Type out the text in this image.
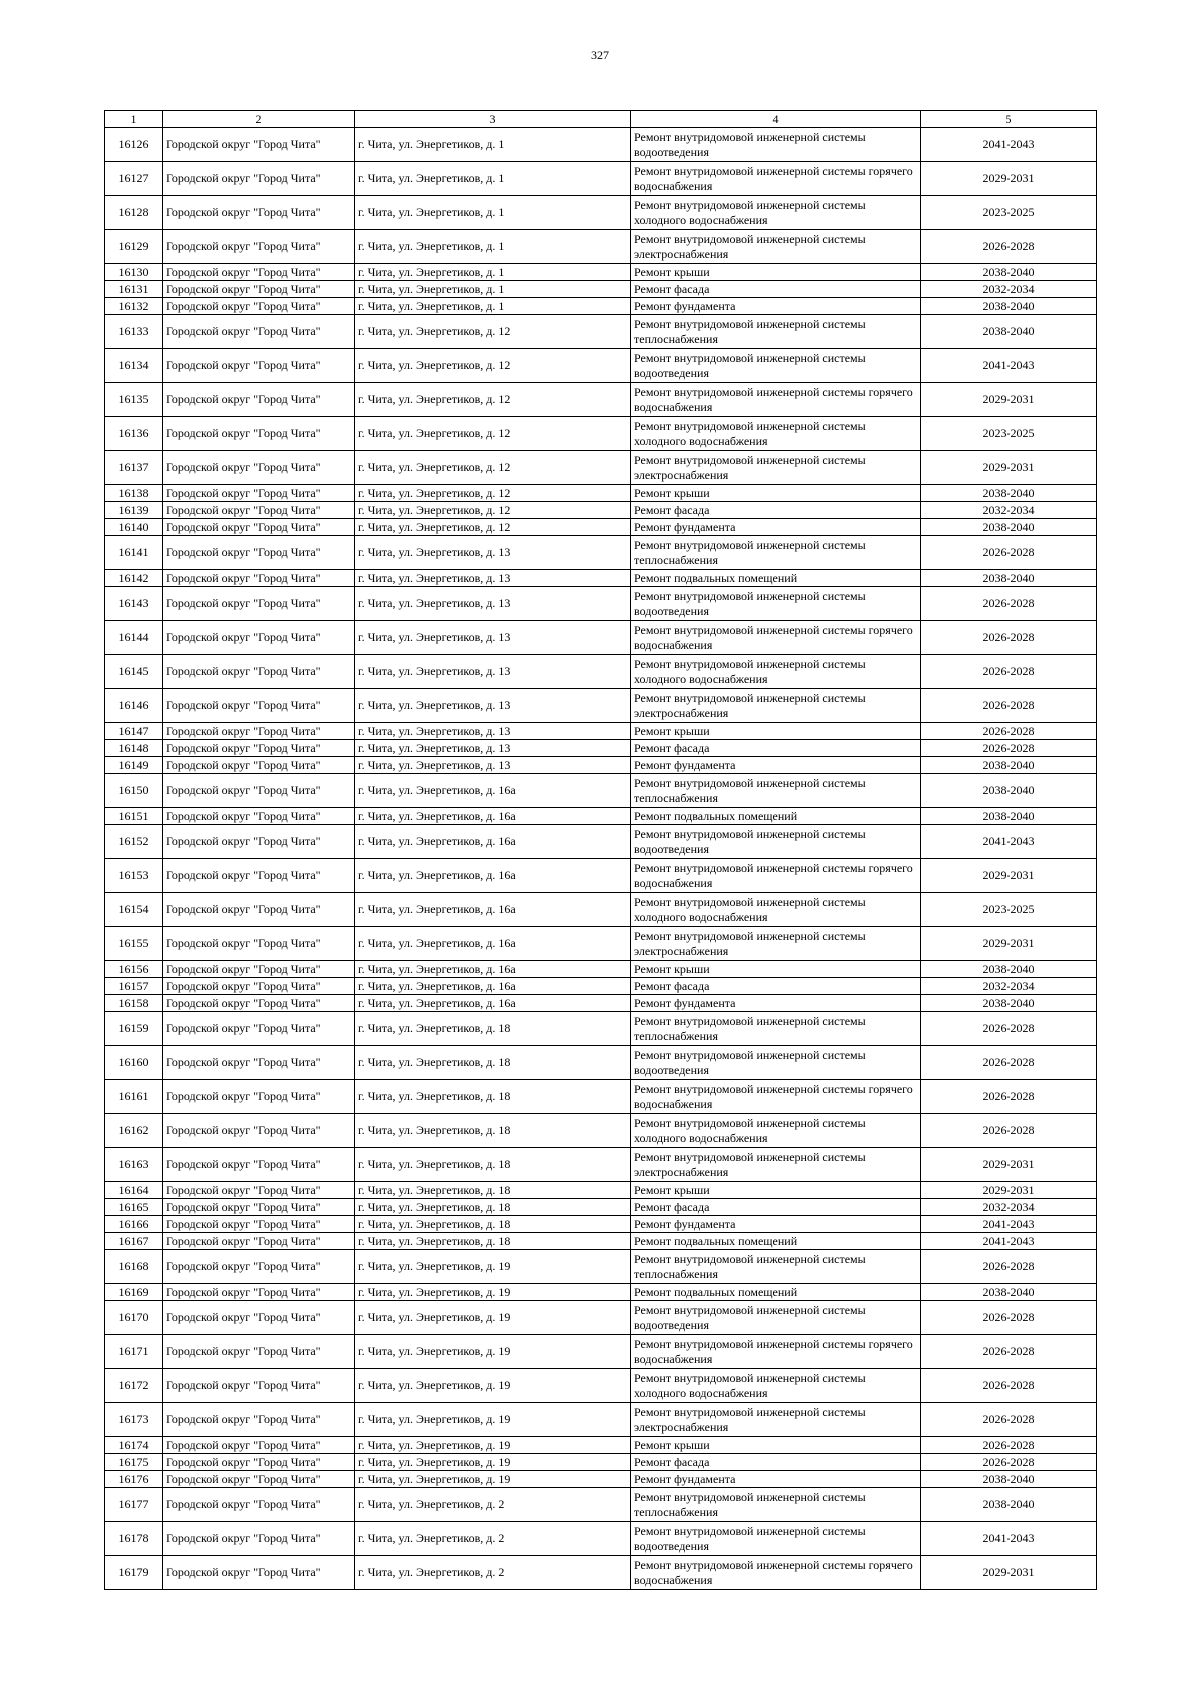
327
1	2	3	4	5
16126	Городской округ "Город Чита"	г. Чита, ул. Энергетиков, д. 1	Ремонт внутридомовой инженерной системы водоотведения	2041-2043
16127	Городской округ "Город Чита"	г. Чита, ул. Энергетиков, д. 1	Ремонт внутридомовой инженерной системы горячего водоснабжения	2029-2031
16128	Городской округ "Город Чита"	г. Чита, ул. Энергетиков, д. 1	Ремонт внутридомовой инженерной системы холодного водоснабжения	2023-2025
16129	Городской округ "Город Чита"	г. Чита, ул. Энергетиков, д. 1	Ремонт внутридомовой инженерной системы электроснабжения	2026-2028
16130	Городской округ "Город Чита"	г. Чита, ул. Энергетиков, д. 1	Ремонт крыши	2038-2040
16131	Городской округ "Город Чита"	г. Чита, ул. Энергетиков, д. 1	Ремонт фасада	2032-2034
16132	Городской округ "Город Чита"	г. Чита, ул. Энергетиков, д. 1	Ремонт фундамента	2038-2040
16133	Городской округ "Город Чита"	г. Чита, ул. Энергетиков, д. 12	Ремонт внутридомовой инженерной системы теплоснабжения	2038-2040
16134	Городской округ "Город Чита"	г. Чита, ул. Энергетиков, д. 12	Ремонт внутридомовой инженерной системы водоотведения	2041-2043
16135	Городской округ "Город Чита"	г. Чита, ул. Энергетиков, д. 12	Ремонт внутридомовой инженерной системы горячего водоснабжения	2029-2031
16136	Городской округ "Город Чита"	г. Чита, ул. Энергетиков, д. 12	Ремонт внутридомовой инженерной системы холодного водоснабжения	2023-2025
16137	Городской округ "Город Чита"	г. Чита, ул. Энергетиков, д. 12	Ремонт внутридомовой инженерной системы электроснабжения	2029-2031
16138	Городской округ "Город Чита"	г. Чита, ул. Энергетиков, д. 12	Ремонт крыши	2038-2040
16139	Городской округ "Город Чита"	г. Чита, ул. Энергетиков, д. 12	Ремонт фасада	2032-2034
16140	Городской округ "Город Чита"	г. Чита, ул. Энергетиков, д. 12	Ремонт фундамента	2038-2040
16141	Городской округ "Город Чита"	г. Чита, ул. Энергетиков, д. 13	Ремонт внутридомовой инженерной системы теплоснабжения	2026-2028
16142	Городской округ "Город Чита"	г. Чита, ул. Энергетиков, д. 13	Ремонт подвальных помещений	2038-2040
16143	Городской округ "Город Чита"	г. Чита, ул. Энергетиков, д. 13	Ремонт внутридомовой инженерной системы водоотведения	2026-2028
16144	Городской округ "Город Чита"	г. Чита, ул. Энергетиков, д. 13	Ремонт внутридомовой инженерной системы горячего водоснабжения	2026-2028
16145	Городской округ "Город Чита"	г. Чита, ул. Энергетиков, д. 13	Ремонт внутридомовой инженерной системы холодного водоснабжения	2026-2028
16146	Городской округ "Город Чита"	г. Чита, ул. Энергетиков, д. 13	Ремонт внутридомовой инженерной системы электроснабжения	2026-2028
16147	Городской округ "Город Чита"	г. Чита, ул. Энергетиков, д. 13	Ремонт крыши	2026-2028
16148	Городской округ "Город Чита"	г. Чита, ул. Энергетиков, д. 13	Ремонт фасада	2026-2028
16149	Городской округ "Город Чита"	г. Чита, ул. Энергетиков, д. 13	Ремонт фундамента	2038-2040
16150	Городской округ "Город Чита"	г. Чита, ул. Энергетиков, д. 16а	Ремонт внутридомовой инженерной системы теплоснабжения	2038-2040
16151	Городской округ "Город Чита"	г. Чита, ул. Энергетиков, д. 16а	Ремонт подвальных помещений	2038-2040
16152	Городской округ "Город Чита"	г. Чита, ул. Энергетиков, д. 16а	Ремонт внутридомовой инженерной системы водоотведения	2041-2043
16153	Городской округ "Город Чита"	г. Чита, ул. Энергетиков, д. 16а	Ремонт внутридомовой инженерной системы горячего водоснабжения	2029-2031
16154	Городской округ "Город Чита"	г. Чита, ул. Энергетиков, д. 16а	Ремонт внутридомовой инженерной системы холодного водоснабжения	2023-2025
16155	Городской округ "Город Чита"	г. Чита, ул. Энергетиков, д. 16а	Ремонт внутридомовой инженерной системы электроснабжения	2029-2031
16156	Городской округ "Город Чита"	г. Чита, ул. Энергетиков, д. 16а	Ремонт крыши	2038-2040
16157	Городской округ "Город Чита"	г. Чита, ул. Энергетиков, д. 16а	Ремонт фасада	2032-2034
16158	Городской округ "Город Чита"	г. Чита, ул. Энергетиков, д. 16а	Ремонт фундамента	2038-2040
16159	Городской округ "Город Чита"	г. Чита, ул. Энергетиков, д. 18	Ремонт внутридомовой инженерной системы теплоснабжения	2026-2028
16160	Городской округ "Город Чита"	г. Чита, ул. Энергетиков, д. 18	Ремонт внутридомовой инженерной системы водоотведения	2026-2028
16161	Городской округ "Город Чита"	г. Чита, ул. Энергетиков, д. 18	Ремонт внутридомовой инженерной системы горячего водоснабжения	2026-2028
16162	Городской округ "Город Чита"	г. Чита, ул. Энергетиков, д. 18	Ремонт внутридомовой инженерной системы холодного водоснабжения	2026-2028
16163	Городской округ "Город Чита"	г. Чита, ул. Энергетиков, д. 18	Ремонт внутридомовой инженерной системы электроснабжения	2029-2031
16164	Городской округ "Город Чита"	г. Чита, ул. Энергетиков, д. 18	Ремонт крыши	2029-2031
16165	Городской округ "Город Чита"	г. Чита, ул. Энергетиков, д. 18	Ремонт фасада	2032-2034
16166	Городской округ "Город Чита"	г. Чита, ул. Энергетиков, д. 18	Ремонт фундамента	2041-2043
16167	Городской округ "Город Чита"	г. Чита, ул. Энергетиков, д. 18	Ремонт подвальных помещений	2041-2043
16168	Городской округ "Город Чита"	г. Чита, ул. Энергетиков, д. 19	Ремонт внутридомовой инженерной системы теплоснабжения	2026-2028
16169	Городской округ "Город Чита"	г. Чита, ул. Энергетиков, д. 19	Ремонт подвальных помещений	2038-2040
16170	Городской округ "Город Чита"	г. Чита, ул. Энергетиков, д. 19	Ремонт внутридомовой инженерной системы водоотведения	2026-2028
16171	Городской округ "Город Чита"	г. Чита, ул. Энергетиков, д. 19	Ремонт внутридомовой инженерной системы горячего водоснабжения	2026-2028
16172	Городской округ "Город Чита"	г. Чита, ул. Энергетиков, д. 19	Ремонт внутридомовой инженерной системы холодного водоснабжения	2026-2028
16173	Городской округ "Город Чита"	г. Чита, ул. Энергетиков, д. 19	Ремонт внутридомовой инженерной системы электроснабжения	2026-2028
16174	Городской округ "Город Чита"	г. Чита, ул. Энергетиков, д. 19	Ремонт крыши	2026-2028
16175	Городской округ "Город Чита"	г. Чита, ул. Энергетиков, д. 19	Ремонт фасада	2026-2028
16176	Городской округ "Город Чита"	г. Чита, ул. Энергетиков, д. 19	Ремонт фундамента	2038-2040
16177	Городской округ "Город Чита"	г. Чита, ул. Энергетиков, д. 2	Ремонт внутридомовой инженерной системы теплоснабжения	2038-2040
16178	Городской округ "Город Чита"	г. Чита, ул. Энергетиков, д. 2	Ремонт внутридомовой инженерной системы водоотведения	2041-2043
16179	Городской округ "Город Чита"	г. Чита, ул. Энергетиков, д. 2	Ремонт внутридомовой инженерной системы горячего водоснабжения	2029-2031
